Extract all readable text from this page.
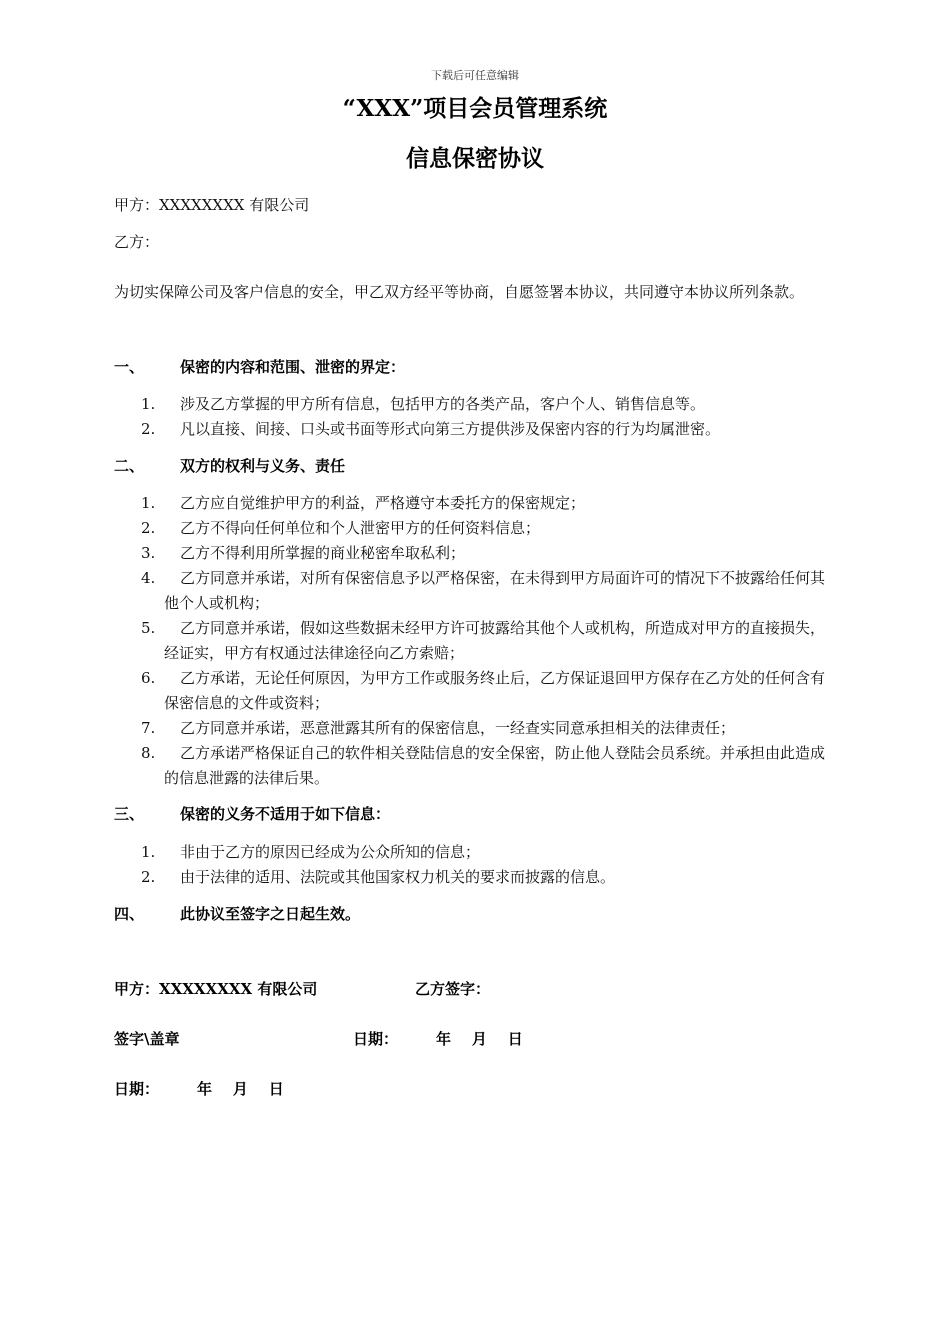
下载后可任意编辑
“XXX”项目会员管理系统
信息保密协议
甲方：XXXXXXXX 有限公司
乙方：
为切实保障公司及客户信息的安全，甲乙双方经平等协商，自愿签署本协议，共同遵守本协议所列条款。
一、 保密的内容和范围、泄密的界定：
1.	涉及乙方掌握的甲方所有信息，包括甲方的各类产品，客户个人、销售信息等。
2.	凡以直接、间接、口头或书面等形式向第三方提供涉及保密内容的行为均属泄密。
二、 双方的权利与义务、责任
1.	乙方应自觉维护甲方的利益，严格遵守本委托方的保密规定；
2.	乙方不得向任何单位和个人泄密甲方的任何资料信息；
3.	乙方不得利用所掌握的商业秘密牟取私利；
4.	乙方同意并承诺，对所有保密信息予以严格保密，在未得到甲方局面许可的情况下不披露给任何其他个人或机构；
5.	乙方同意并承诺，假如这些数据未经甲方许可披露给其他个人或机构，所造成对甲方的直接损失，经证实，甲方有权通过法律途径向乙方索赔；
6.	乙方承诺，无论任何原因，为甲方工作或服务终止后，乙方保证退回甲方保存在乙方处的任何含有保密信息的文件或资料；
7.	乙方同意并承诺，恶意泄露其所有的保密信息，一经查实同意承担相关的法律责任；
8.	乙方承诺严格保证自己的软件相关登陆信息的安全保密，防止他人登陆会员系统。并承担由此造成的信息泄露的法律后果。
三、 保密的义务不适用于如下信息：
1.	非由于乙方的原因已经成为公众所知的信息；
2.	由于法律的适用、法院或其他国家权力机关的要求而披露的信息。
四、 此协议至签字之日起生效。
甲方：XXXXXXXX 有限公司	乙方签字：
签字\盖章	日期：	年    月    日
日期：	年    月    日
